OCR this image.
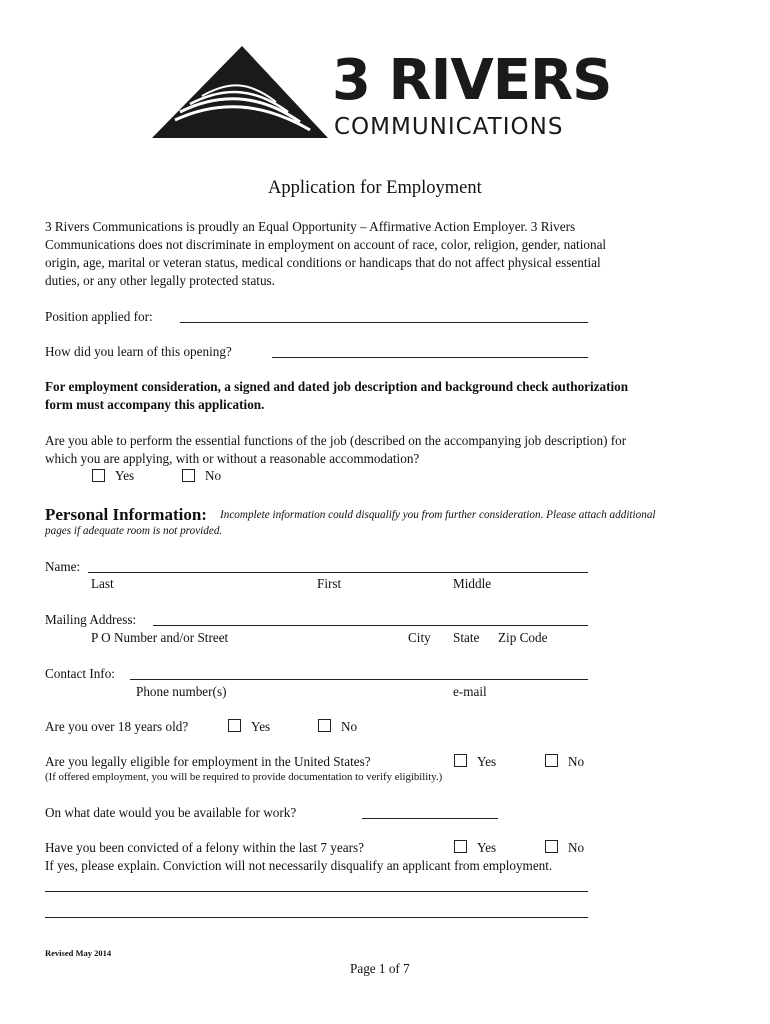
3 RIVERS
COMMUNICATIONS
Application for Employment
3 Rivers Communications is proudly an Equal Opportunity – Affirmative Action Employer. 3 Rivers
Communications does not discriminate in employment on account of race, color, religion, gender, national
origin, age, marital or veteran status, medical conditions or handicaps that do not affect physical essential
duties, or any other legally protected status.
Position applied for:
How did you learn of this opening?
For employment consideration, a signed and dated job description and background check authorization
form must accompany this application.
Are you able to perform the essential functions of the job (described on the accompanying job description) for
which you are applying, with or without a reasonable accommodation?
Yes	No
Personal Information: Incomplete information could disqualify you from further consideration. Please attach additional
pages if adequate room is not provided.
Name:
Last	First	Middle
Mailing Address:
P O Number and/or Street	City State Zip Code
Contact Info:
Phone number(s)	e-mail
Are you over 18 years old?	Yes	No
Are you legally eligible for employment in the United States?	Yes	No
(If offered employment, you will be required to provide documentation to verify eligibility.)
On what date would you be available for work?
Have you been convicted of a felony within the last 7 years?	Yes	No
If yes, please explain. Conviction will not necessarily disqualify an applicant from employment.
Revised May 2014
Page 1 of 7
